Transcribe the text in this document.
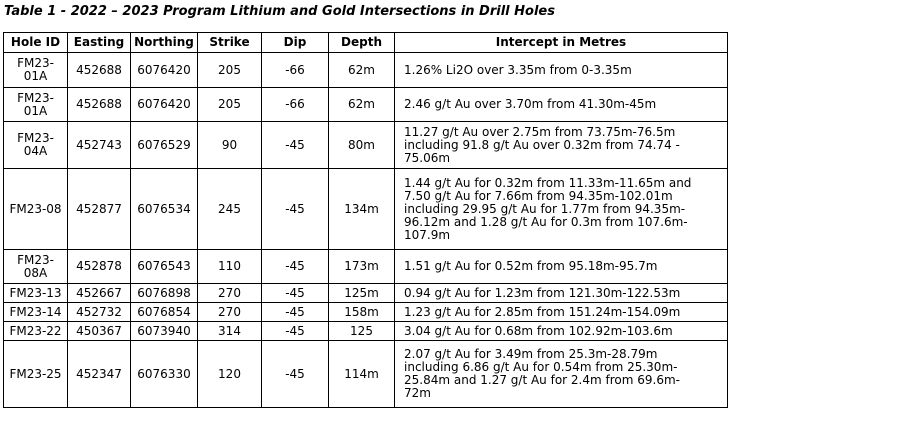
Table 1 - 2022 – 2023 Program Lithium and Gold Intersections in Drill Holes
Hole ID	Easting	Northing	Strike	Dip	Depth	Intercept in Metres

FM23-
01A	452688	6076420	205	-66	62m	1.26% Li2O over 3.35m from 0-3.35m

FM23-
01A	452688	6076420	205	-66	62m	2.46 g/t Au over 3.70m from 41.30m-45m

FM23-
04A	452743	6076529	90	-45	80m	11.27 g/t Au over 2.75m from 73.75m-76.5m
including 91.8 g/t Au over 0.32m from 74.74 -
75.06m

FM23-08	452877	6076534	245	-45	134m	1.44 g/t Au for 0.32m from 11.33m-11.65m and
7.50 g/t Au for 7.66m from 94.35m-102.01m
including 29.95 g/t Au for 1.77m from 94.35m-
96.12m and 1.28 g/t Au for 0.3m from 107.6m-
107.9m

FM23-
08A	452878	6076543	110	-45	173m	1.51 g/t Au for 0.52m from 95.18m-95.7m

FM23-13	452667	6076898	270	-45	125m	0.94 g/t Au for 1.23m from 121.30m-122.53m

FM23-14	452732	6076854	270	-45	158m	1.23 g/t Au for 2.85m from 151.24m-154.09m

FM23-22	450367	6073940	314	-45	125	3.04 g/t Au for 0.68m from 102.92m-103.6m

FM23-25	452347	6076330	120	-45	114m	2.07 g/t Au for 3.49m from 25.3m-28.79m
including 6.86 g/t Au for 0.54m from 25.30m-
25.84m and 1.27 g/t Au for 2.4m from 69.6m-
72m
